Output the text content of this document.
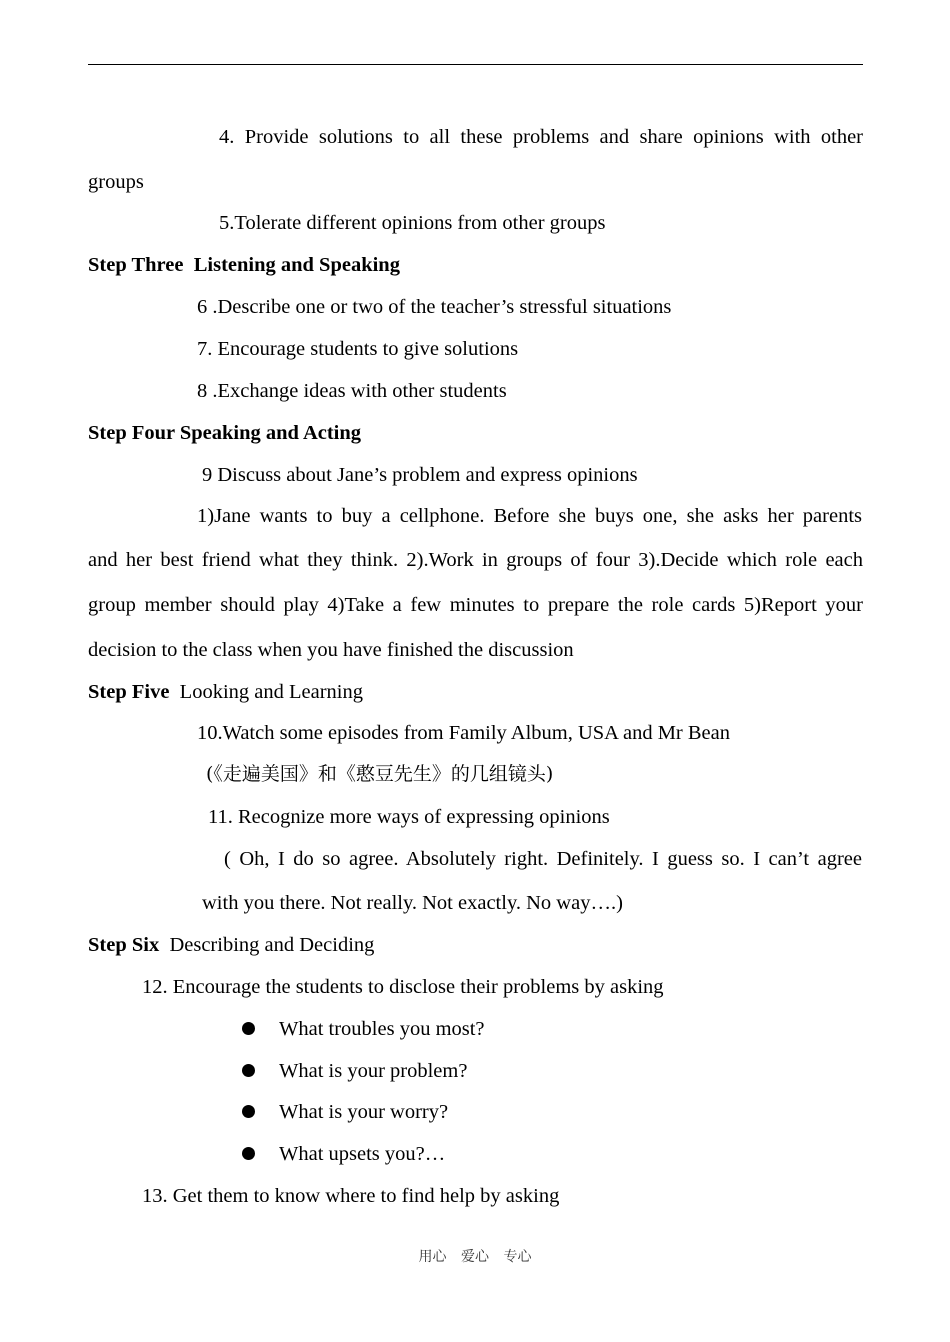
4. Provide solutions to all these problems and share opinions with other
groups
5.Tolerate different opinions from other groups
Step Three Listening and Speaking
6 .Describe one or two of the teacher’s stressful situations
7. Encourage students to give solutions
8 .Exchange ideas with other students
Step Four Speaking and Acting
9 Discuss about Jane’s problem and express opinions
1)Jane wants to buy a cellphone. Before she buys one, she asks her parents
and her best friend what they think. 2).Work in groups of four 3).Decide which role each
group member should play 4)Take a few minutes to prepare the role cards 5)Report your
decision to the class when you have finished the discussion
Step Five Looking and Learning
10.Watch some episodes from Family Album, USA and Mr Bean
(《走遍美国》和《憨豆先生》的几组镜头)
11. Recognize more ways of expressing opinions
( Oh, I do so agree. Absolutely right. Definitely. I guess so. I can’t agree
with you there. Not really. Not exactly. No way….)
Step Six Describing and Deciding
12. Encourage the students to disclose their problems by asking
What troubles you most?
What is your problem?
What is your worry?
What upsets you?…
13. Get them to know where to find help by asking
用心 爱心 专心
